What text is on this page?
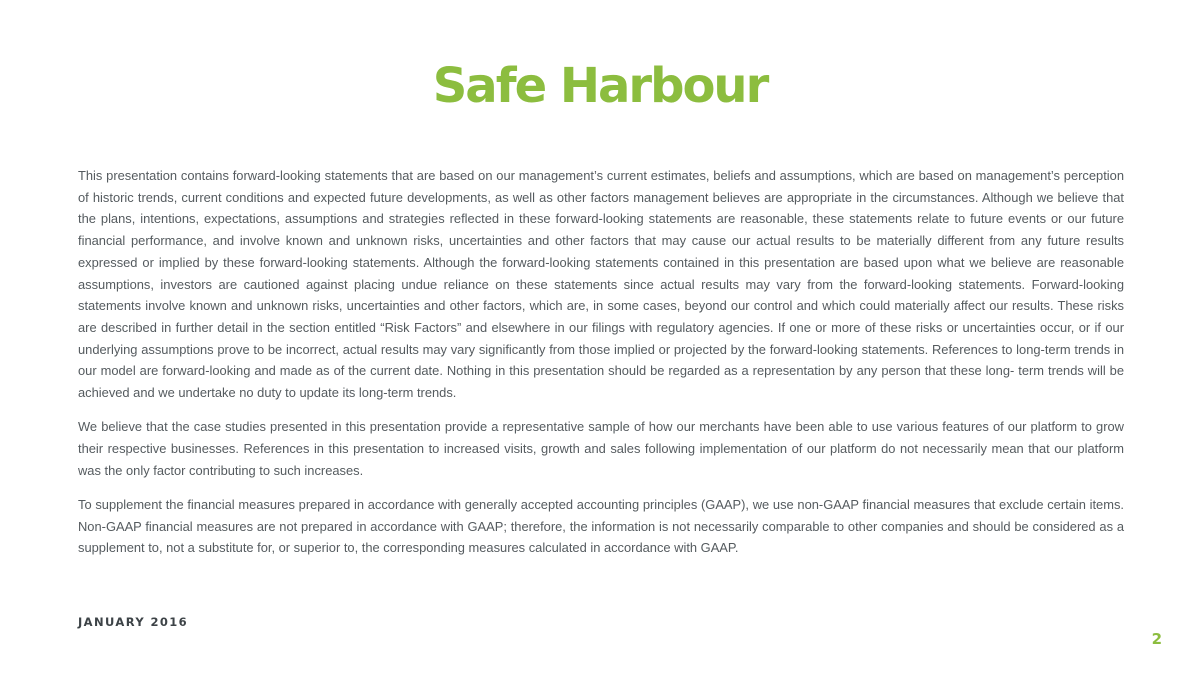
Safe Harbour

This presentation contains forward-looking statements that are based on our management’s current estimates, beliefs and assumptions, which are based on management’s perception of historic trends, current conditions and expected future developments, as well as other factors management believes are appropriate in the circumstances. Although we believe that the plans, intentions, expectations, assumptions and strategies reflected in these forward-looking statements are reasonable, these statements relate to future events or our future financial performance, and involve known and unknown risks, uncertainties and other factors that may cause our actual results to be materially different from any future results expressed or implied by these forward-looking statements. Although the forward-looking statements contained in this presentation are based upon what we believe are reasonable assumptions, investors are cautioned against placing undue reliance on these statements since actual results may vary from the forward-looking statements. Forward-looking statements involve known and unknown risks, uncertainties and other factors, which are, in some cases, beyond our control and which could materially affect our results. These risks are described in further detail in the section entitled “Risk Factors” and elsewhere in our filings with regulatory agencies. If one or more of these risks or uncertainties occur, or if our underlying assumptions prove to be incorrect, actual results may vary significantly from those implied or projected by the forward-looking statements. References to long-term trends in our model are forward-looking and made as of the current date. Nothing in this presentation should be regarded as a representation by any person that these long- term trends will be achieved and we undertake no duty to update its long-term trends.

We believe that the case studies presented in this presentation provide a representative sample of how our merchants have been able to use various features of our platform to grow their respective businesses. References in this presentation to increased visits, growth and sales following implementation of our platform do not necessarily mean that our platform was the only factor contributing to such increases.

To supplement the financial measures prepared in accordance with generally accepted accounting principles (GAAP), we use non-GAAP financial measures that exclude certain items. Non-GAAP financial measures are not prepared in accordance with GAAP; therefore, the information is not necessarily comparable to other companies and should be considered as a supplement to, not a substitute for, or superior to, the corresponding measures calculated in accordance with GAAP.

JANUARY 2016
2
